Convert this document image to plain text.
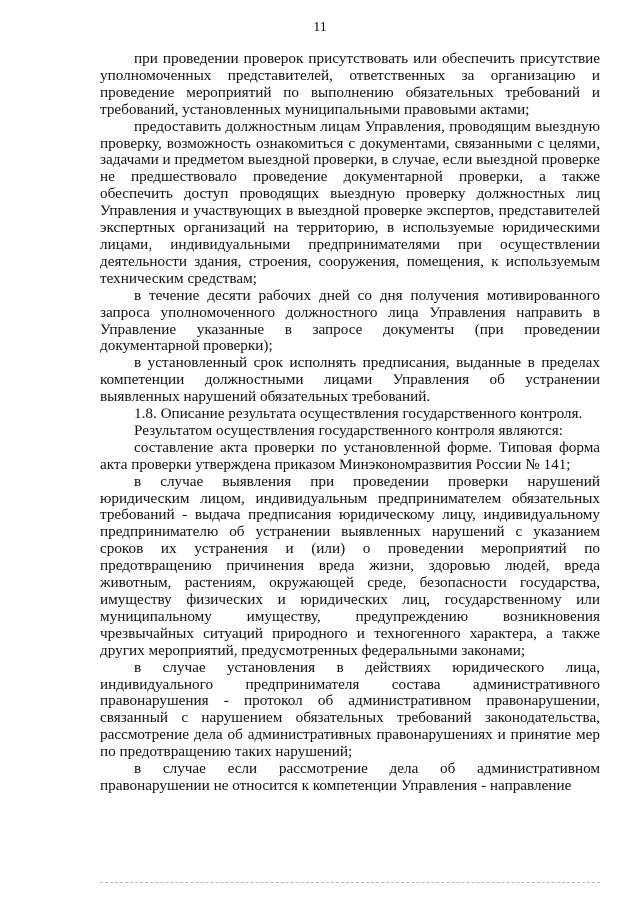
11

при проведении проверок присутствовать или обеспечить присутствие уполномоченных представителей, ответственных за организацию и проведение мероприятий по выполнению обязательных требований и требований, установленных муниципальными правовыми актами;

предоставить должностным лицам Управления, проводящим выездную проверку, возможность ознакомиться с документами, связанными с целями, задачами и предметом выездной проверки, в случае, если выездной проверке не предшествовало проведение документарной проверки, а также обеспечить доступ проводящих выездную проверку должностных лиц Управления и участвующих в выездной проверке экспертов, представителей экспертных организаций на территорию, в используемые юридическими лицами, индивидуальными предпринимателями при осуществлении деятельности здания, строения, сооружения, помещения, к используемым техническим средствам;

в течение десяти рабочих дней со дня получения мотивированного запроса уполномоченного должностного лица Управления направить в Управление указанные в запросе документы (при проведении документарной проверки);

в установленный срок исполнять предписания, выданные в пределах компетенции должностными лицами Управления об устранении выявленных нарушений обязательных требований.

1.8. Описание результата осуществления государственного контроля.

Результатом осуществления государственного контроля являются:

составление акта проверки по установленной форме. Типовая форма акта проверки утверждена приказом Минэкономразвития России № 141;

в случае выявления при проведении проверки нарушений юридическим лицом, индивидуальным предпринимателем обязательных требований - выдача предписания юридическому лицу, индивидуальному предпринимателю об устранении выявленных нарушений с указанием сроков их устранения и (или) о проведении мероприятий по предотвращению причинения вреда жизни, здоровью людей, вреда животным, растениям, окружающей среде, безопасности государства, имуществу физических и юридических лиц, государственному или муниципальному имуществу, предупреждению возникновения чрезвычайных ситуаций природного и техногенного характера, а также других мероприятий, предусмотренных федеральными законами;

в случае установления в действиях юридического лица, индивидуального предпринимателя состава административного правонарушения - протокол об административном правонарушении, связанный с нарушением обязательных требований законодательства, рассмотрение дела об административных правонарушениях и принятие мер по предотвращению таких нарушений;

в случае если рассмотрение дела об административном правонарушении не относится к компетенции Управления - направление
